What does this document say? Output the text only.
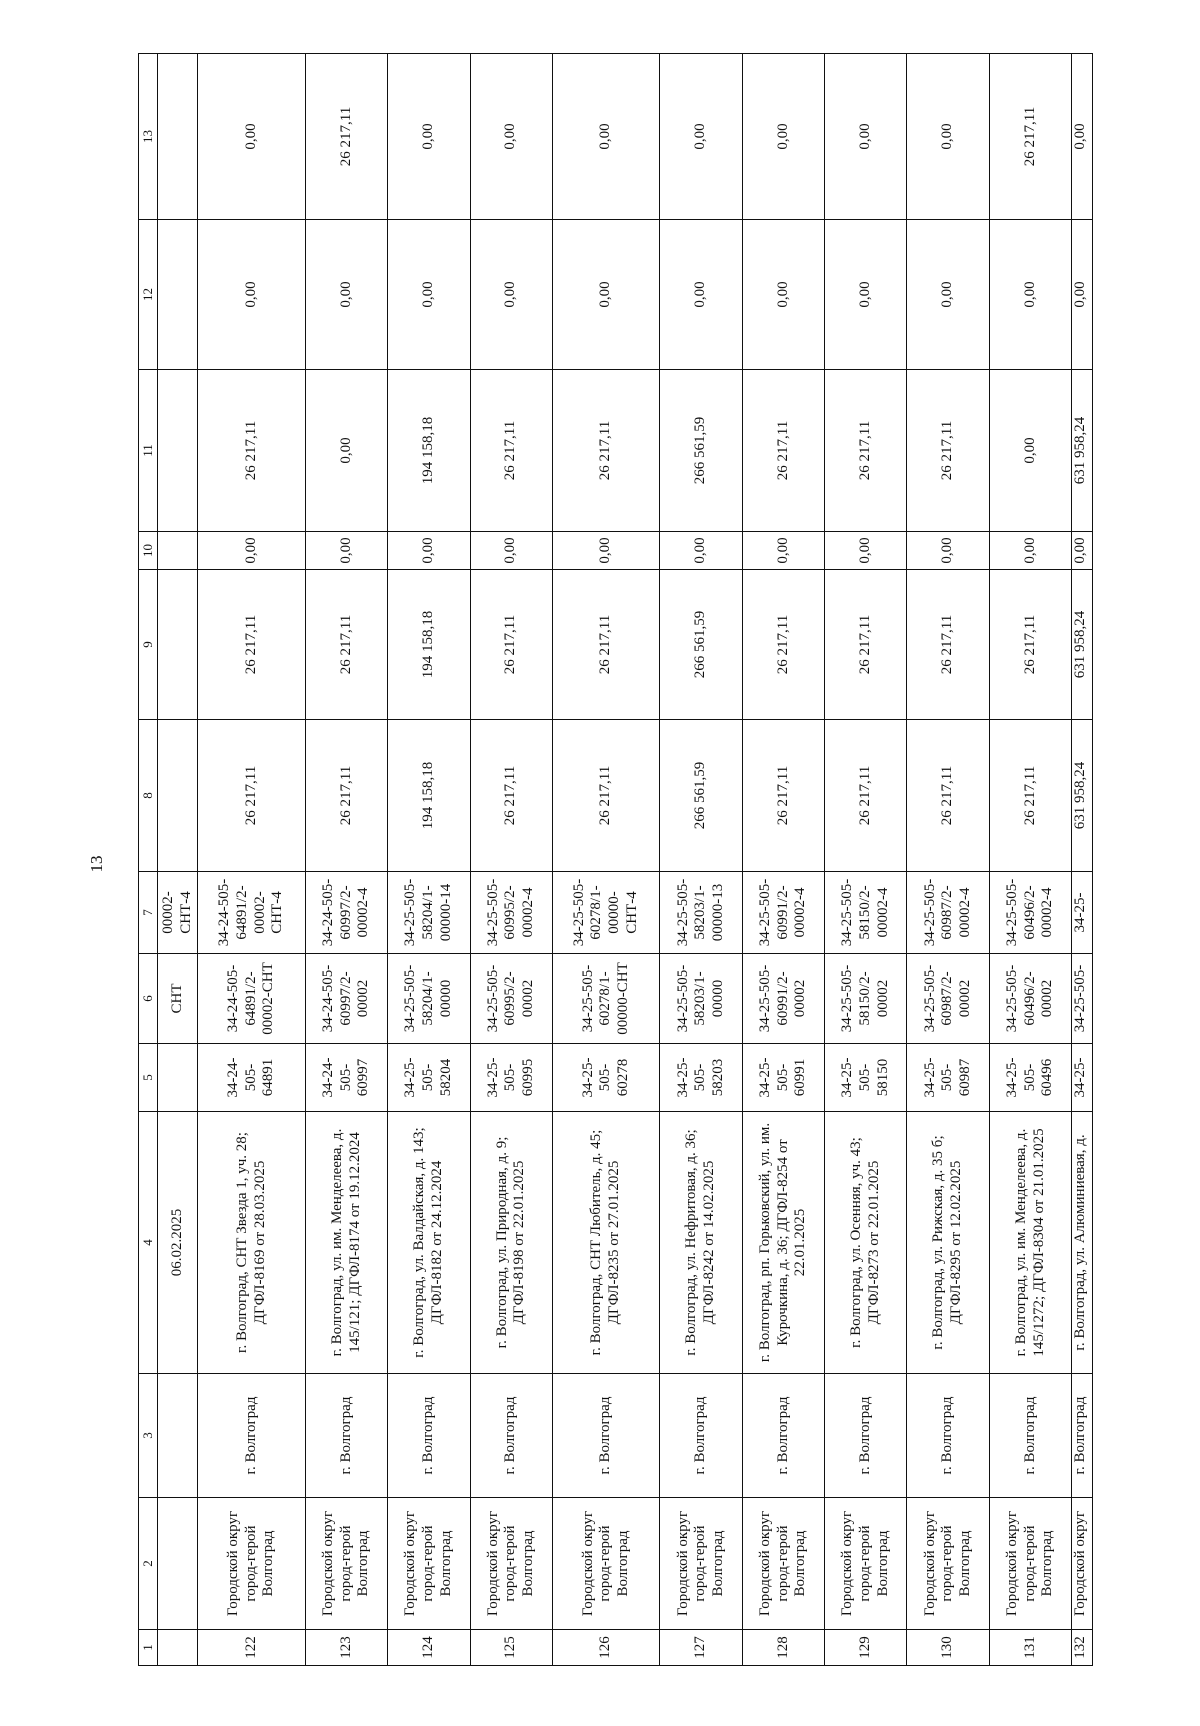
13
1	2	3	4	5	6	7	8	9	10	11	12	13
			06.02.2025		СНТ	00002-СНТ-4						
122	Городской округ город-герой Волгоград	г. Волгоград	г. Волгоград, СНТ Звезда 1, уч. 28; ДГФЛ-8169 от 28.03.2025	34-24-505-64891	34-24-505-64891/2-00002-СНТ	34-24-505-64891/2-00002-СНТ-4	26 217,11	26 217,11	0,00	26 217,11	0,00	0,00
123	Городской округ город-герой Волгоград	г. Волгоград	г. Волгоград, ул. им. Менделеева, д. 145/121; ДГФЛ-8174 от 19.12.2024	34-24-505-60997	34-24-505-60997/2-00002	34-24-505-60997/2-00002-4	26 217,11	26 217,11	0,00	0,00	0,00	26 217,11
124	Городской округ город-герой Волгоград	г. Волгоград	г. Волгоград, ул. Валдайская, д. 143; ДГФЛ-8182 от 24.12.2024	34-25-505-58204	34-25-505-58204/1-00000	34-25-505-58204/1-00000-14	194 158,18	194 158,18	0,00	194 158,18	0,00	0,00
125	Городской округ город-герой Волгоград	г. Волгоград	г. Волгоград, ул. Природная, д. 9; ДГФЛ-8198 от 22.01.2025	34-25-505-60995	34-25-505-60995/2-00002	34-25-505-60995/2-00002-4	26 217,11	26 217,11	0,00	26 217,11	0,00	0,00
126	Городской округ город-герой Волгоград	г. Волгоград	г. Волгоград, СНТ Любитель, д. 45; ДГФЛ-8235 от 27.01.2025	34-25-505-60278	34-25-505-60278/1-00000-СНТ	34-25-505-60278/1-00000-СНТ-4	26 217,11	26 217,11	0,00	26 217,11	0,00	0,00
127	Городской округ город-герой Волгоград	г. Волгоград	г. Волгоград, ул. Нефритовая, д. 36; ДГФЛ-8242 от 14.02.2025	34-25-505-58203	34-25-505-58203/1-00000	34-25-505-58203/1-00000-13	266 561,59	266 561,59	0,00	266 561,59	0,00	0,00
128	Городской округ город-герой Волгоград	г. Волгоград	г. Волгоград, рп. Горьковский, ул. им. Курочкина, д. 36; ДГФЛ-8254 от 22.01.2025	34-25-505-60991	34-25-505-60991/2-00002	34-25-505-60991/2-00002-4	26 217,11	26 217,11	0,00	26 217,11	0,00	0,00
129	Городской округ город-герой Волгоград	г. Волгоград	г. Волгоград, ул. Осенняя, уч. 43; ДГФЛ-8273 от 22.01.2025	34-25-505-58150	34-25-505-58150/2-00002	34-25-505-58150/2-00002-4	26 217,11	26 217,11	0,00	26 217,11	0,00	0,00
130	Городской округ город-герой Волгоград	г. Волгоград	г. Волгоград, ул. Рижская, д. 35 б; ДГФЛ-8295 от 12.02.2025	34-25-505-60987	34-25-505-60987/2-00002	34-25-505-60987/2-00002-4	26 217,11	26 217,11	0,00	26 217,11	0,00	0,00
131	Городской округ город-герой Волгоград	г. Волгоград	г. Волгоград, ул. им. Менделеева, д. 145/1272; ДГФЛ-8304 от 21.01.2025	34-25-505-60496	34-25-505-60496/2-00002	34-25-505-60496/2-00002-4	26 217,11	26 217,11	0,00	0,00	0,00	26 217,11
132	Городской округ	г. Волгоград	г. Волгоград, ул. Алюминиевая, д.	34-25-	34-25-505-	34-25-	631 958,24	631 958,24	0,00	631 958,24	0,00	0,00
